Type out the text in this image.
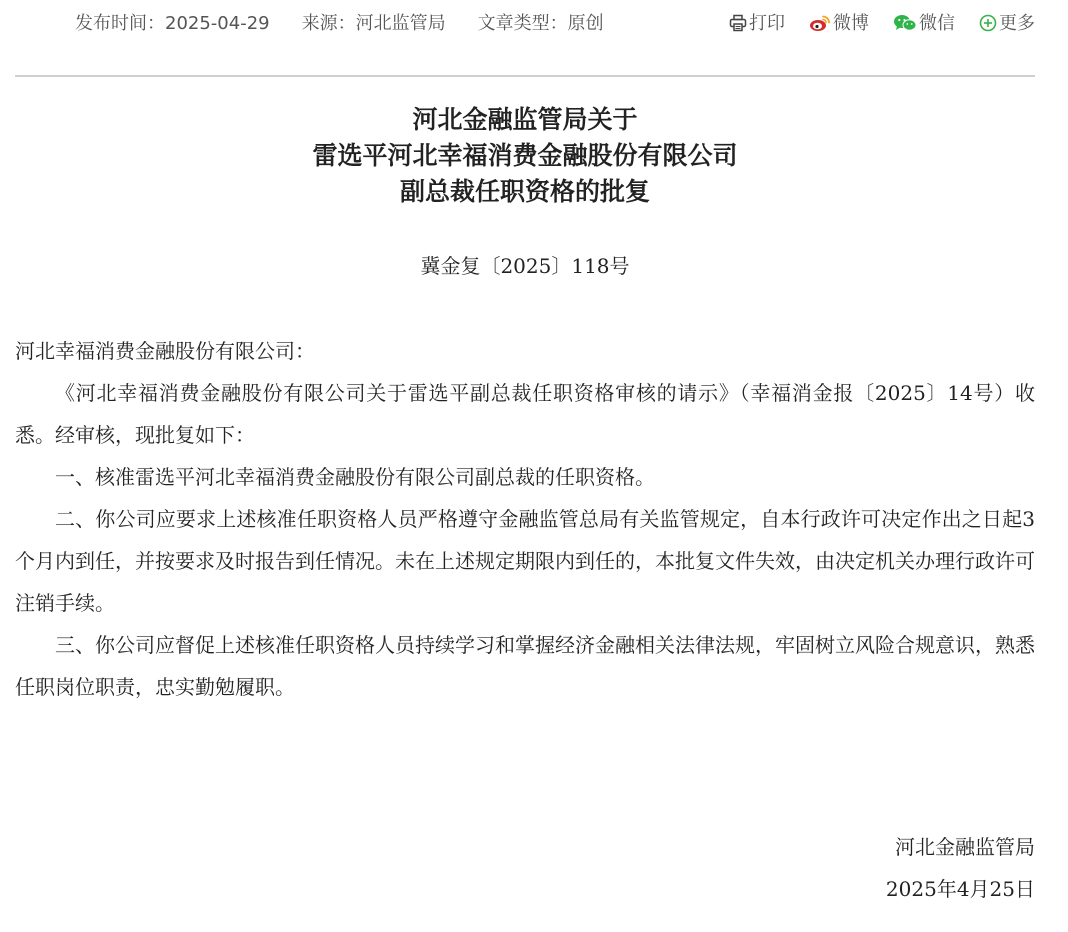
发布时间：2025-04-29 来源：河北监管局 文章类型：原创	打印	微博	微信 更多
河北金融监管局关于
雷选平河北幸福消费金融股份有限公司
副总裁任职资格的批复
冀金复〔2025〕118号

河北幸福消费金融股份有限公司：

《河北幸福消费金融股份有限公司关于雷选平副总裁任职资格审核的请示》（幸福消金报〔2025〕14号）收悉。经审核，现批复如下：

一、核准雷选平河北幸福消费金融股份有限公司副总裁的任职资格。

二、你公司应要求上述核准任职资格人员严格遵守金融监管总局有关监管规定，自本行政许可决定作出之日起3个月内到任，并按要求及时报告到任情况。未在上述规定期限内到任的，本批复文件失效，由决定机关办理行政许可注销手续。

三、你公司应督促上述核准任职资格人员持续学习和掌握经济金融相关法律法规，牢固树立风险合规意识，熟悉任职岗位职责，忠实勤勉履职。

河北金融监管局
2025年4月25日
